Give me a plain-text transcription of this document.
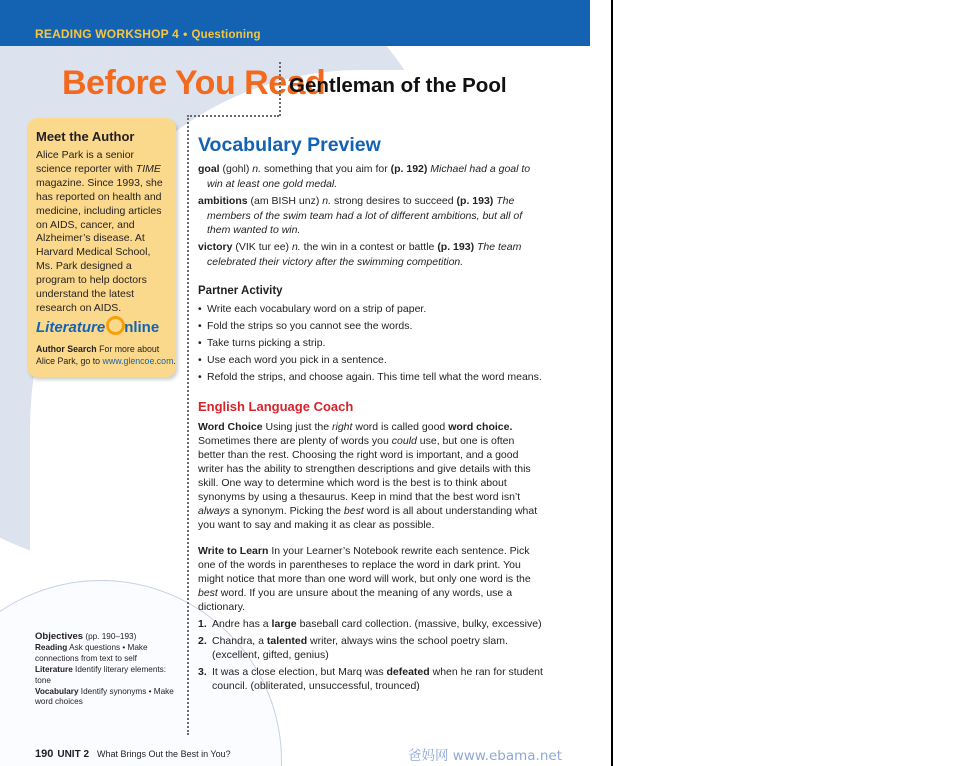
READING WORKSHOP 4 • Questioning
Before You Read
Gentleman of the Pool
Meet the Author
Alice Park is a senior science reporter with TIME magazine. Since 1993, she has reported on health and medicine, including articles on AIDS, cancer, and Alzheimer’s disease. At Harvard Medical School, Ms. Park designed a program to help doctors understand the latest research on AIDS.
Literature nline
Author Search For more about Alice Park, go to www.glencoe.com.
Vocabulary Preview
goal (gohl) n. something that you aim for (p. 192) Michael had a goal to win at least one gold medal.
ambitions (am BISH unz) n. strong desires to succeed (p. 193) The members of the swim team had a lot of different ambitions, but all of them wanted to win.
victory (VIK tur ee) n. the win in a contest or battle (p. 193) The team celebrated their victory after the swimming competition.
Partner Activity
• Write each vocabulary word on a strip of paper.
• Fold the strips so you cannot see the words.
• Take turns picking a strip.
• Use each word you pick in a sentence.
• Refold the strips, and choose again. This time tell what the word means.
English Language Coach
Word Choice Using just the right word is called good word choice. Sometimes there are plenty of words you could use, but one is often better than the rest. Choosing the right word is important, and a good writer has the ability to strengthen descriptions and give details with this skill. One way to determine which word is the best is to think about synonyms by using a thesaurus. Keep in mind that the best word isn’t always a synonym. Picking the best word is all about understanding what you want to say and making it as clear as possible.
Write to Learn In your Learner’s Notebook rewrite each sentence. Pick one of the words in parentheses to replace the word in dark print. You might notice that more than one word will work, but only one word is the best word. If you are unsure about the meaning of any words, use a dictionary.
1. Andre has a large baseball card collection. (massive, bulky, excessive)
2. Chandra, a talented writer, always wins the school poetry slam. (excellent, gifted, genius)
3. It was a close election, but Marq was defeated when he ran for student council. (obliterated, unsuccessful, trounced)
Objectives (pp. 190–193)
Reading Ask questions • Make connections from text to self
Literature Identify literary elements: tone
Vocabulary Identify synonyms • Make word choices
190 UNIT 2 What Brings Out the Best in You?	爸妈网 www.ebama.net
